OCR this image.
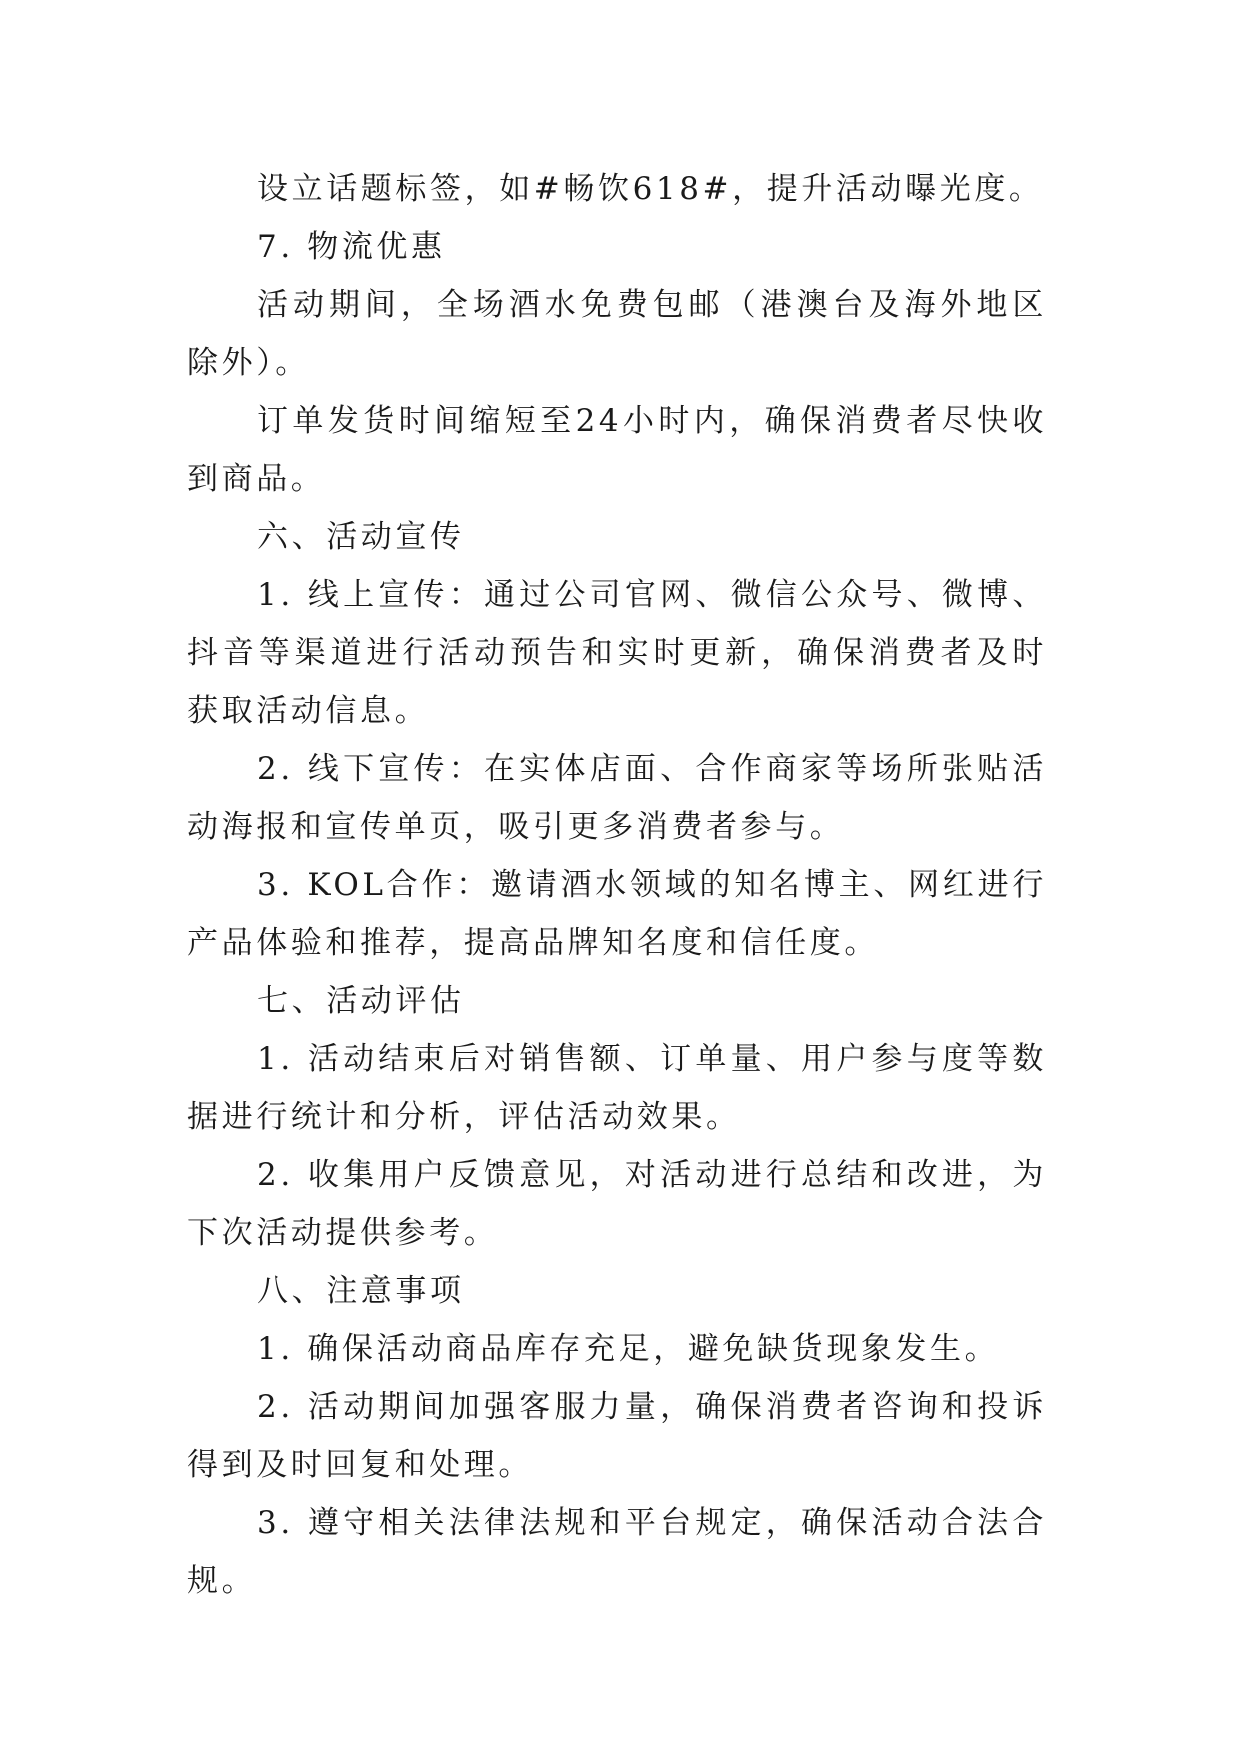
设立话题标签，如#畅饮618#，提升活动曝光度。

7. 物流优惠

活动期间，全场酒水免费包邮（港澳台及海外地区除外）。

订单发货时间缩短至24小时内，确保消费者尽快收到商品。

六、活动宣传

1. 线上宣传：通过公司官网、微信公众号、微博、抖音等渠道进行活动预告和实时更新，确保消费者及时获取活动信息。

2. 线下宣传：在实体店面、合作商家等场所张贴活动海报和宣传单页，吸引更多消费者参与。

3. KOL合作：邀请酒水领域的知名博主、网红进行产品体验和推荐，提高品牌知名度和信任度。

七、活动评估

1. 活动结束后对销售额、订单量、用户参与度等数据进行统计和分析，评估活动效果。

2. 收集用户反馈意见，对活动进行总结和改进，为下次活动提供参考。

八、注意事项

1. 确保活动商品库存充足，避免缺货现象发生。

2. 活动期间加强客服力量，确保消费者咨询和投诉得到及时回复和处理。

3. 遵守相关法律法规和平台规定，确保活动合法合规。
